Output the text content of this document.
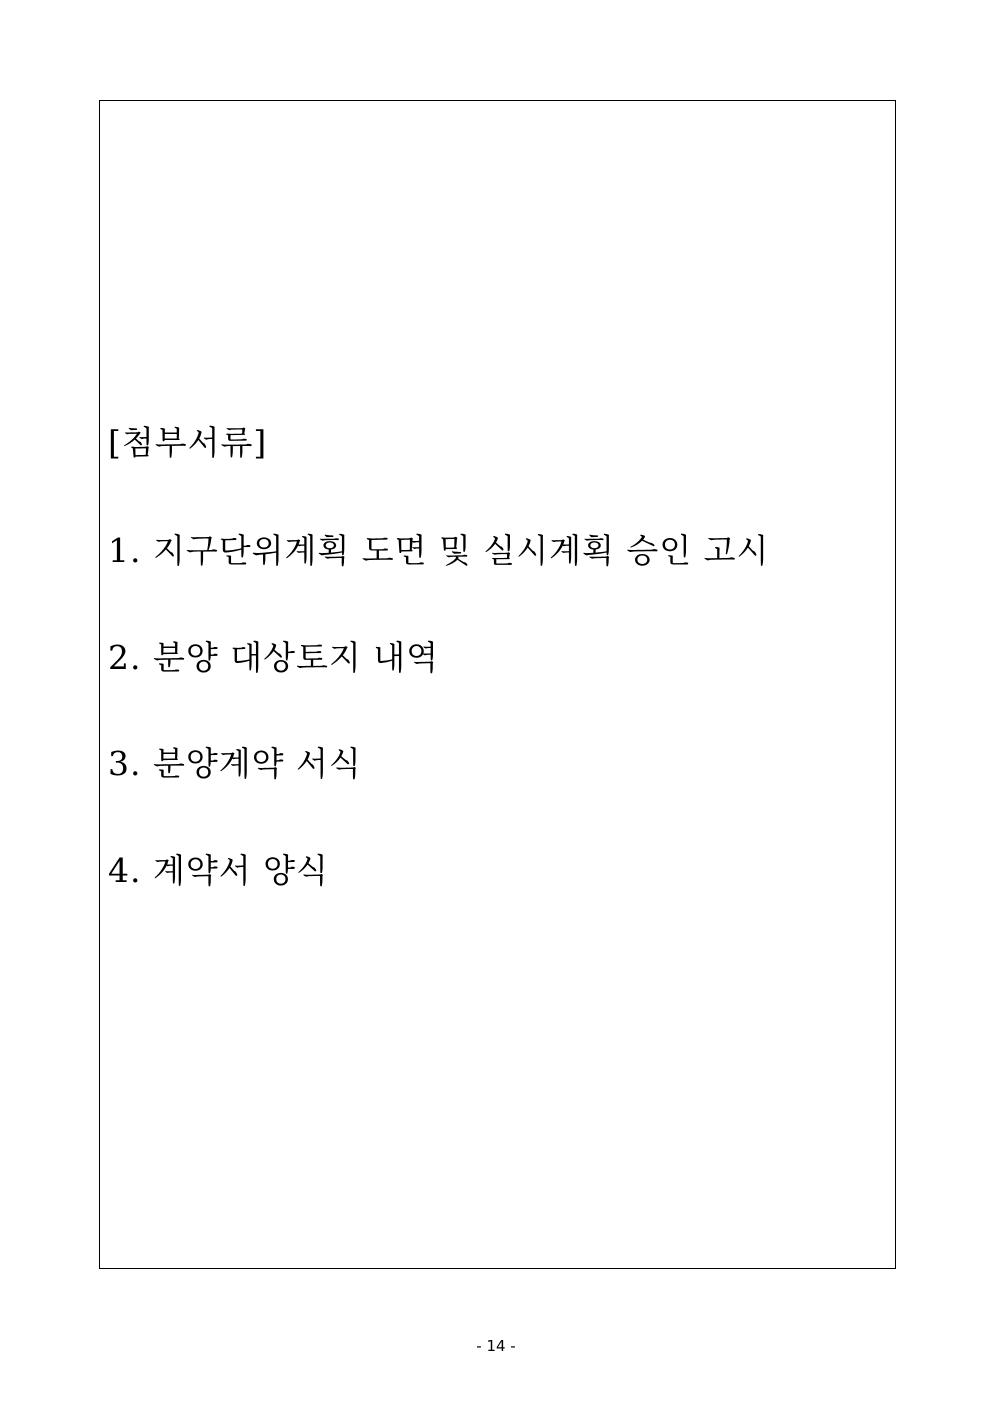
[첨부서류]
1. 지구단위계획 도면 및 실시계획 승인 고시
2. 분양 대상토지 내역
3. 분양계약 서식
4. 계약서 양식
- 14 -
